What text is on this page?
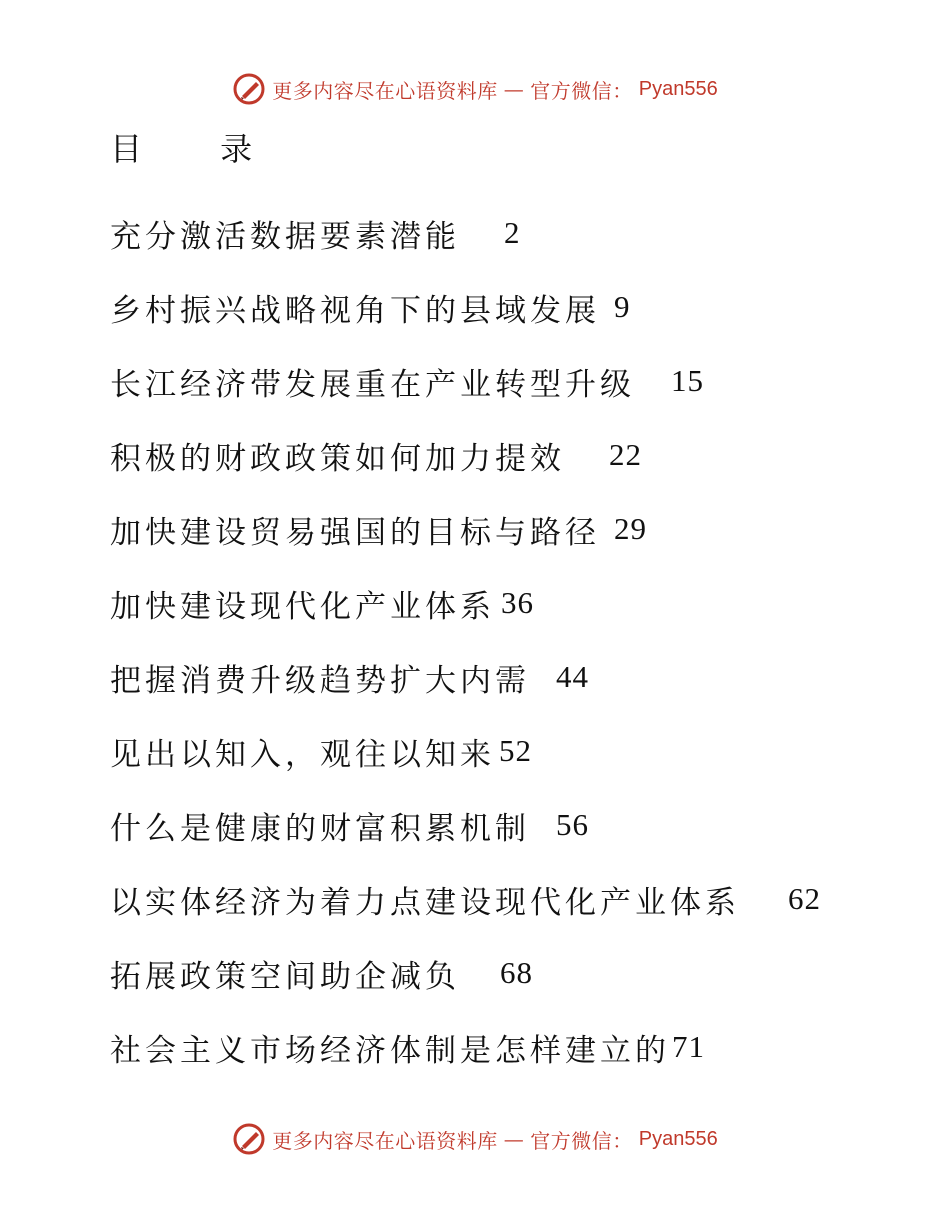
更多内容尽在心语资料库 — 官方微信： Pyan556
目 录
充分激活数据要素潜能 2
乡村振兴战略视角下的县域发展 9
长江经济带发展重在产业转型升级 15
积极的财政政策如何加力提效 22
加快建设贸易强国的目标与路径 29
加快建设现代化产业体系 36
把握消费升级趋势扩大内需 44
见出以知入，观往以知来 52
什么是健康的财富积累机制 56
以实体经济为着力点建设现代化产业体系 62
拓展政策空间助企减负 68
社会主义市场经济体制是怎样建立的 71
更多内容尽在心语资料库 — 官方微信： Pyan556
